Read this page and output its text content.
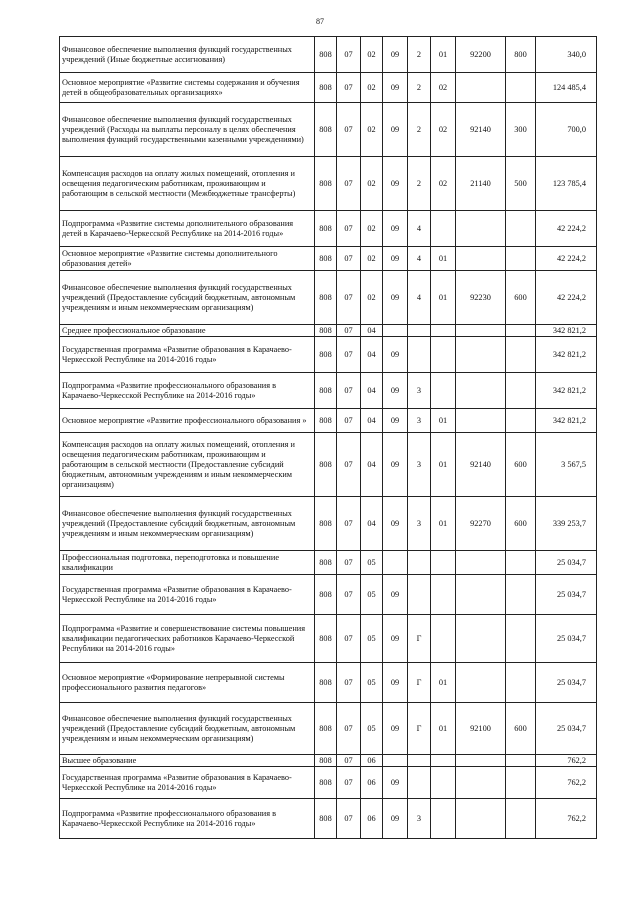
87
Финансовое обеспечение выполнения функций государственных учреждений (Иные бюджетные ассигнования)	808	07	02	09	2	01	92200	800	340,0
Основное мероприятие «Развитие системы содержания и обучения детей в общеобразовательных организациях»	808	07	02	09	2	02			124 485,4
Финансовое обеспечение выполнения функций государственных учреждений (Расходы на выплаты персоналу в целях обеспечения выполнения функций государственными казенными учреждениями)	808	07	02	09	2	02	92140	300	700,0
Компенсация расходов на оплату жилых помещений, отопления и освещения педагогическим работникам, проживающим и работающим в сельской местности (Межбюджетные трансферты)	808	07	02	09	2	02	21140	500	123 785,4
Подпрограмма «Развитие системы дополнительного образования детей в Карачаево-Черкесской Республике на 2014-2016 годы»	808	07	02	09	4				42 224,2
Основное мероприятие «Развитие системы дополнительного образования детей»	808	07	02	09	4	01			42 224,2
Финансовое обеспечение выполнения функций государственных учреждений (Предоставление субсидий бюджетным, автономным учреждениям и иным некоммерческим организациям)	808	07	02	09	4	01	92230	600	42 224,2
Среднее профессиональное образование	808	07	04						342 821,2
Государственная программа «Развитие образования в Карачаево-Черкесской Республике на 2014-2016 годы»	808	07	04	09					342 821,2
Подпрограмма «Развитие профессионального образования в Карачаево-Черкесской Республике на 2014-2016 годы»	808	07	04	09	3				342 821,2
Основное мероприятие «Развитие профессионального образования »	808	07	04	09	3	01			342 821,2
Компенсация расходов на оплату жилых помещений, отопления и освещения педагогическим работникам, проживающим и работающим в сельской местности (Предоставление субсидий бюджетным, автономным учреждениям и иным некоммерческим организациям)	808	07	04	09	3	01	92140	600	3 567,5
Финансовое обеспечение выполнения функций государственных учреждений (Предоставление субсидий бюджетным, автономным учреждениям и иным некоммерческим организациям)	808	07	04	09	3	01	92270	600	339 253,7
Профессиональная подготовка, переподготовка и повышение квалификации	808	07	05						25 034,7
Государственная программа «Развитие образования в Карачаево-Черкесской Республике на 2014-2016 годы»	808	07	05	09					25 034,7
Подпрограмма «Развитие и совершенствование системы повышения квалификации педагогических работников Карачаево-Черкесской Республики на 2014-2016 годы»	808	07	05	09	Г				25 034,7
Основное мероприятие «Формирование непрерывной системы профессионального развития педагогов»	808	07	05	09	Г	01			25 034,7
Финансовое обеспечение выполнения функций государственных учреждений (Предоставление субсидий бюджетным, автономным учреждениям и иным некоммерческим организациям)	808	07	05	09	Г	01	92100	600	25 034,7
Высшее образование	808	07	06						762,2
Государственная программа «Развитие образования в Карачаево-Черкесской Республике на 2014-2016 годы»	808	07	06	09					762,2
Подпрограмма «Развитие профессионального образования в Карачаево-Черкесской Республике на 2014-2016 годы»	808	07	06	09	3				762,2
